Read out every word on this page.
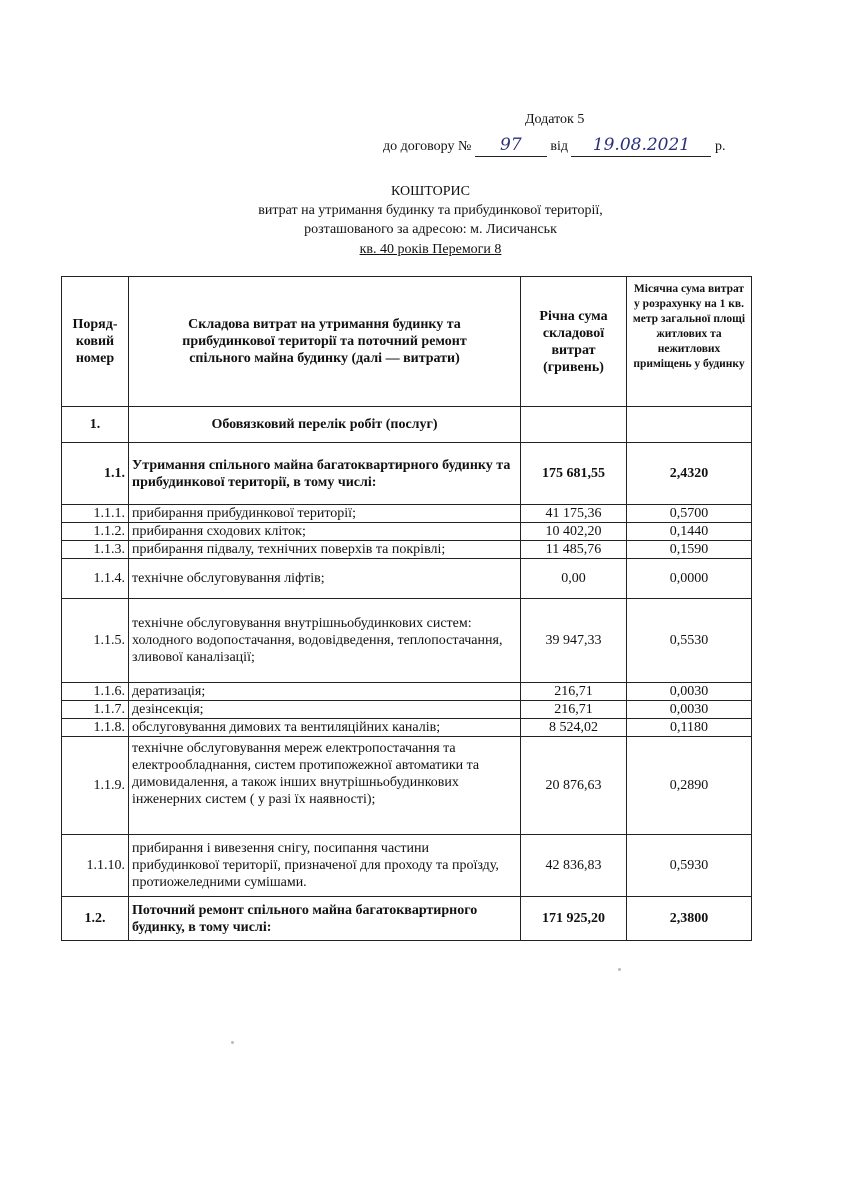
Додаток 5
до договору № 97 від 19.08.2021 р.
КОШТОРИС
витрат на утримання будинку та прибудинкової території,
розташованого за адресою: м. Лисичанськ
кв. 40 років Перемоги 8
Поряд-ковий номер	Складова витрат на утримання будинку та прибудинкової території та поточний ремонт спільного майна будинку (далі — витрати)	Річна сума складової витрат (гривень)	Місячна сума витрат у розрахунку на 1 кв. метр загальної площі житлових та нежитлових приміщень у будинку

1.	Обовязковий перелік робіт (послуг)		
1.1.	Утримання спільного майна багатоквартирного будинку та прибудинкової території, в тому числі:	175 681,55	2,4320
1.1.1.	прибирання прибудинкової території;	41 175,36	0,5700
1.1.2.	прибирання сходових кліток;	10 402,20	0,1440
1.1.3.	прибирання підвалу, технічних поверхів та покрівлі;	11 485,76	0,1590
1.1.4.	технічне обслуговування ліфтів;	0,00	0,0000
1.1.5.	технічне обслуговування внутрішньобудинкових систем: холодного водопостачання, водовідведення, теплопостачання, зливової каналізації;	39 947,33	0,5530
1.1.6.	дератизація;	216,71	0,0030
1.1.7.	дезінсекція;	216,71	0,0030
1.1.8.	обслуговування димових та вентиляційних каналів;	8 524,02	0,1180
1.1.9.	технічне обслуговування мереж електропостачання та електрообладнання, систем протипожежної автоматики та димовидалення, а також інших внутрішньобудинкових інженерних систем ( у разі їх наявності);	20 876,63	0,2890
1.1.10.	прибирання і вивезення снігу, посипання частини прибудинкової території, призначеної для проходу та проїзду, протиожеледними сумішами.	42 836,83	0,5930
1.2.	Поточний ремонт спільного майна багатоквартирного будинку, в тому числі:	171 925,20	2,3800
